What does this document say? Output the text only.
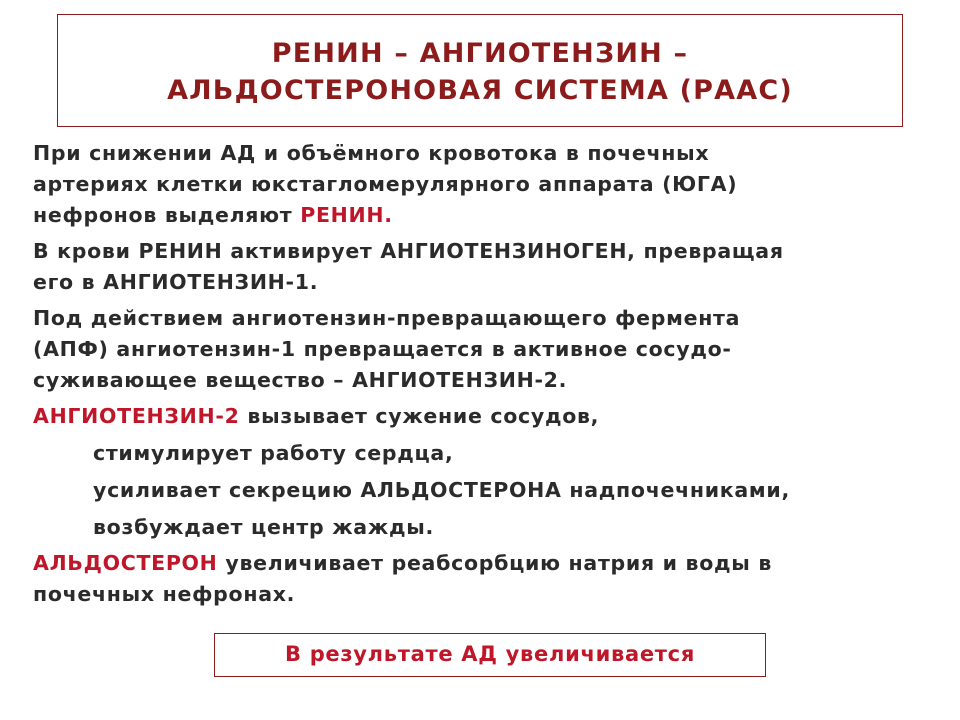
РЕНИН – АНГИОТЕНЗИН –
АЛЬДОСТЕРОНОВАЯ СИСТЕМА (РААС)
При снижении АД и объёмного кровотока в почечных
артериях клетки юкстагломерулярного аппарата (ЮГА)
нефронов выделяют РЕНИН.
В крови РЕНИН активирует АНГИОТЕНЗИНОГЕН, превращая
его в АНГИОТЕНЗИН-1.
Под действием ангиотензин-превращающего фермента
(АПФ) ангиотензин-1 превращается в активное сосудо-
суживающее вещество – АНГИОТЕНЗИН-2.
АНГИОТЕНЗИН-2 вызывает сужение сосудов,
стимулирует работу сердца,
усиливает секрецию АЛЬДОСТЕРОНА надпочечниками,
возбуждает центр жажды.
АЛЬДОСТЕРОН увеличивает реабсорбцию натрия и воды в
почечных нефронах.
В результате АД увеличивается
